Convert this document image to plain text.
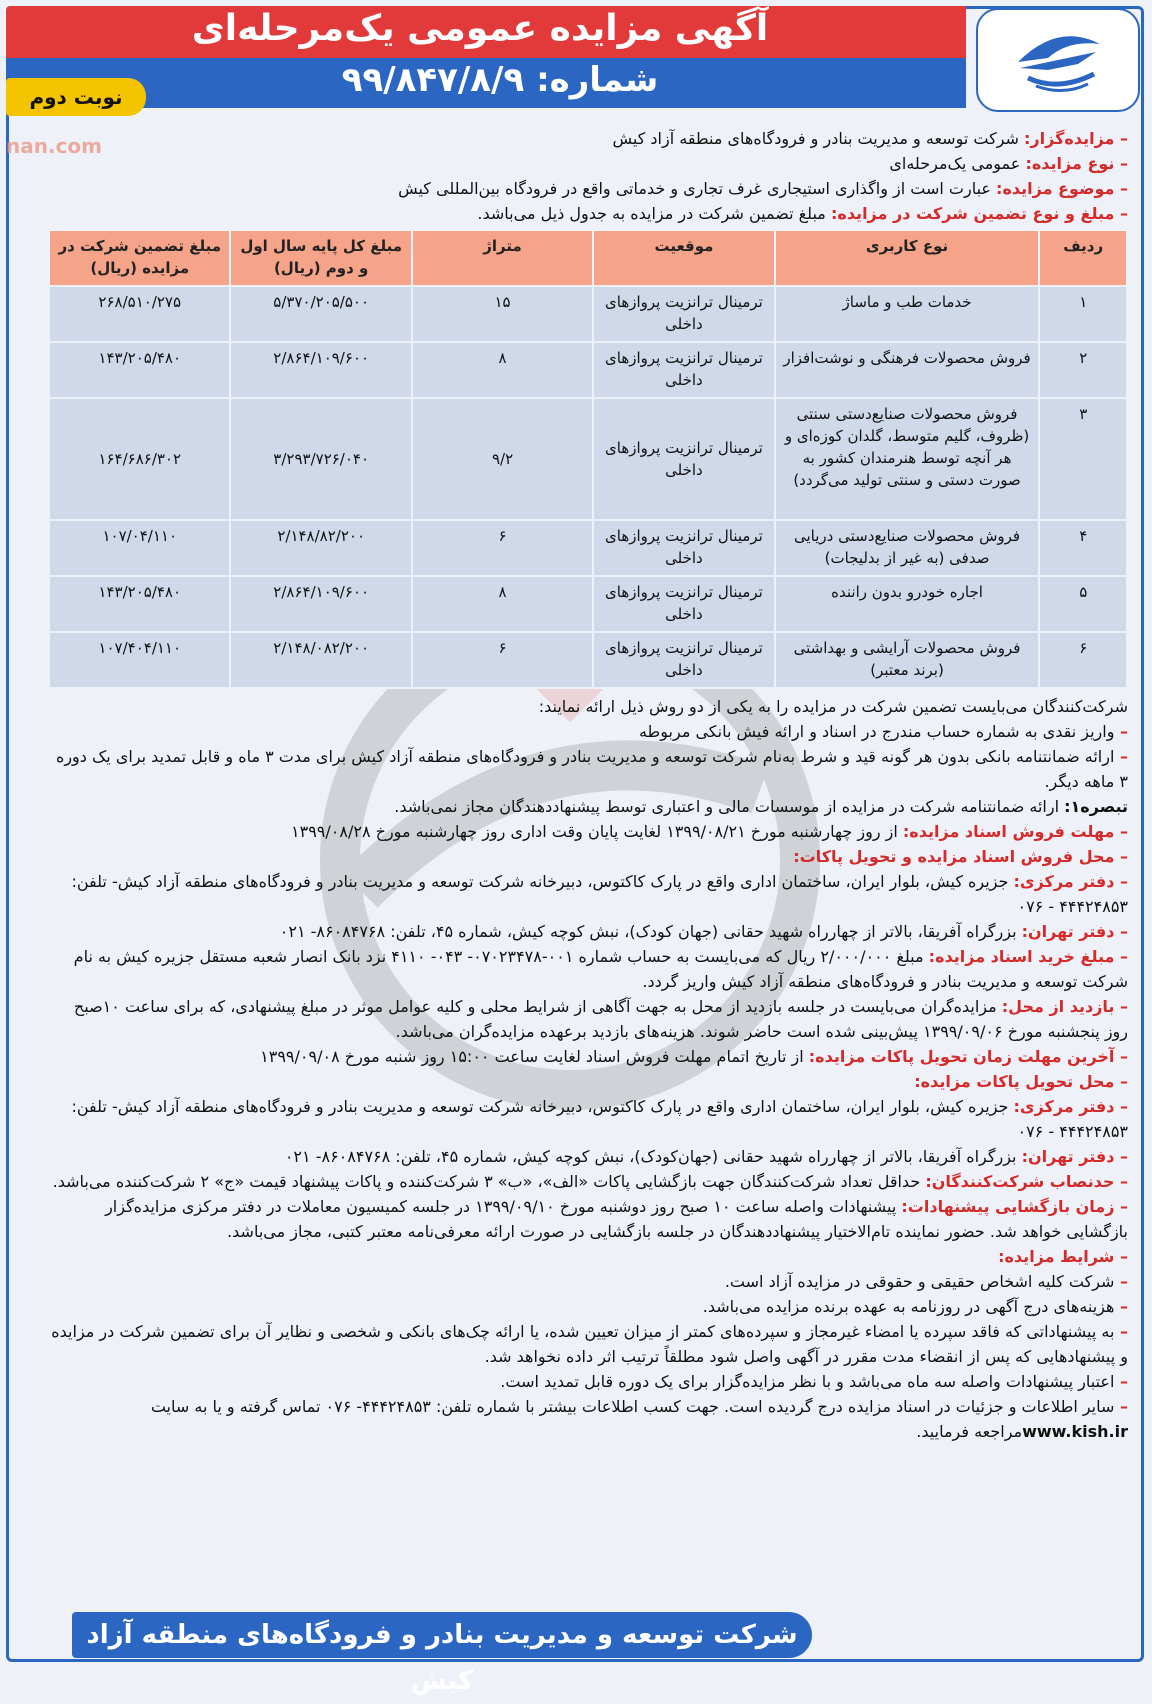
آگهی مزایده عمومی یک‌مرحله‌ای
شماره: ۹۹/۸۴۷/۸/۹
نوبت دوم
nan.com	– مزایده‌گزار: شرکت توسعه و مدیریت بنادر و فرودگاه‌های منطقه آزاد کیش

– نوع مزایده: عمومی یک‌مرحله‌ای

– موضوع مزایده: عبارت است از واگذاری استیجاری غرف تجاری و خدماتی واقع در فرودگاه بین‌المللی کیش

– مبلغ و نوع تضمین شرکت در مزایده: مبلغ تضمین شرکت در مزایده به جدول ذیل می‌باشد.

ردیف	نوع کاربری	موقعیت	متراژ	مبلغ کل پایه سال اول و دوم (ریال)	مبلغ تضمین شرکت در مزایده (ریال)
۱	خدمات طب و ماساژ	ترمینال ترانزیت پروازهای داخلی	۱۵	۵/۳۷۰/۲۰۵/۵۰۰	۲۶۸/۵۱۰/۲۷۵
۲	فروش محصولات فرهنگی و نوشت‌افزار	ترمینال ترانزیت پروازهای داخلی	۸	۲/۸۶۴/۱۰۹/۶۰۰	۱۴۳/۲۰۵/۴۸۰
۳	فروش محصولات صنایع‌دستی سنتی (ظروف، گلیم متوسط، گلدان کوزه‌ای و هر آنچه توسط هنرمندان کشور به صورت دستی و سنتی تولید می‌گردد)	ترمینال ترانزیت پروازهای داخلی	۹/۲	۳/۲۹۳/۷۲۶/۰۴۰	۱۶۴/۶۸۶/۳۰۲
۴	فروش محصولات صنایع‌دستی دریایی صدفی (به غیر از بدلیجات)	ترمینال ترانزیت پروازهای داخلی	۶	۲/۱۴۸/۸۲/۲۰۰	۱۰۷/۰۴/۱۱۰
۵	اجاره خودرو بدون راننده	ترمینال ترانزیت پروازهای داخلی	۸	۲/۸۶۴/۱۰۹/۶۰۰	۱۴۳/۲۰۵/۴۸۰
۶	فروش محصولات آرایشی و بهداشتی (برند معتبر)	ترمینال ترانزیت پروازهای داخلی	۶	۲/۱۴۸/۰۸۲/۲۰۰	۱۰۷/۴۰۴/۱۱۰

شرکت‌کنندگان می‌بایست تضمین شرکت در مزایده را به یکی از دو روش ذیل ارائه نمایند:

– واریز نقدی به شماره حساب مندرج در اسناد و ارائه فیش بانکی مربوطه

– ارائه ضمانتنامه بانکی بدون هر گونه قید و شرط به‌نام شرکت توسعه و مدیریت بنادر و فرودگاه‌های منطقه آزاد کیش برای مدت ۳ ماه و قابل تمدید برای یک دوره ۳ ماهه دیگر.

تبصره۱: ارائه ضمانتنامه شرکت در مزایده از موسسات مالی و اعتباری توسط پیشنهاددهندگان مجاز نمی‌باشد.

– مهلت فروش اسناد مزایده: از روز چهارشنبه مورخ ۱۳۹۹/۰۸/۲۱ لغایت پایان وقت اداری روز چهارشنبه مورخ ۱۳۹۹/۰۸/۲۸

– محل فروش اسناد مزایده و تحویل پاکات:

– دفتر مرکزی: جزیره کیش، بلوار ایران، ساختمان اداری واقع در پارک کاکتوس، دبیرخانه شرکت توسعه و مدیریت بنادر و فرودگاه‌های منطقه آزاد کیش- تلفن: ۴۴۴۲۴۸۵۳ - ۰۷۶

– دفتر تهران: بزرگراه آفریقا، بالاتر از چهارراه شهید حقانی (جهان کودک)، نبش کوچه کیش، شماره ۴۵، تلفن: ۸۶۰۸۴۷۶۸- ۰۲۱

– مبلغ خرید اسناد مزایده: مبلغ ۲/۰۰۰/۰۰۰ ریال که می‌بایست به حساب شماره ۰۰۱-۰۷۰۲۳۴۷۸- ۰۴۳- ۴۱۱۰ نزد بانک انصار شعبه مستقل جزیره کیش به نام شرکت توسعه و مدیریت بنادر و فرودگاه‌های منطقه آزاد کیش واریز گردد.

– بازدید از محل: مزایده‌گران می‌بایست در جلسه بازدید از محل به جهت آگاهی از شرایط محلی و کلیه عوامل موثر در مبلغ پیشنهادی، که برای ساعت ۱۰صبح روز پنجشنبه مورخ ۱۳۹۹/۰۹/۰۶ پیش‌بینی شده است حاضر شوند. هزینه‌های بازدید برعهده مزایده‌گران می‌باشد.

– آخرین مهلت زمان تحویل پاکات مزایده: از تاریخ اتمام مهلت فروش اسناد لغایت ساعت ۱۵:۰۰ روز شنبه مورخ ۱۳۹۹/۰۹/۰۸

– محل تحویل پاکات مزایده:

– دفتر مرکزی: جزیره کیش، بلوار ایران، ساختمان اداری واقع در پارک کاکتوس، دبیرخانه شرکت توسعه و مدیریت بنادر و فرودگاه‌های منطقه آزاد کیش- تلفن: ۴۴۴۲۴۸۵۳ - ۰۷۶

– دفتر تهران: بزرگراه آفریقا، بالاتر از چهارراه شهید حقانی (جهان‌کودک)، نبش کوچه کیش، شماره ۴۵، تلفن: ۸۶۰۸۴۷۶۸- ۰۲۱

– حدنصاب شرکت‌کنندگان: حداقل تعداد شرکت‌کنندگان جهت بازگشایی پاکات «الف»، «ب» ۳ شرکت‌کننده و پاکات پیشنهاد قیمت «ج» ۲ شرکت‌کننده می‌باشد.

– زمان بازگشایی پیشنهادات: پیشنهادات واصله ساعت ۱۰ صبح روز دوشنبه مورخ ۱۳۹۹/۰۹/۱۰ در جلسه کمیسیون معاملات در دفتر مرکزی مزایده‌گزار بازگشایی خواهد شد. حضور نماینده تام‌الاختیار پیشنهاددهندگان در جلسه بازگشایی در صورت ارائه معرفی‌نامه معتبر کتبی، مجاز می‌باشد.

– شرایط مزایده:

– شرکت کلیه اشخاص حقیقی و حقوقی در مزایده آزاد است.

– هزینه‌های درج آگهی در روزنامه به عهده برنده مزایده می‌باشد.

– به پیشنهاداتی که فاقد سپرده یا امضاء غیرمجاز و سپرده‌های کمتر از میزان تعیین شده، یا ارائه چک‌های بانکی و شخصی و نظایر آن برای تضمین شرکت در مزایده و پیشنهادهایی که پس از انقضاء مدت مقرر در آگهی واصل شود مطلقاً ترتیب اثر داده نخواهد شد.

– اعتبار پیشنهادات واصله سه ماه می‌باشد و با نظر مزایده‌گزار برای یک دوره قابل تمدید است.

– سایر اطلاعات و جزئیات در اسناد مزایده درج گردیده است. جهت کسب اطلاعات بیشتر با شماره تلفن: ۴۴۴۲۴۸۵۳- ۰۷۶ تماس گرفته و یا به سایت www.kish.irمراجعه فرمایید.

شرکت توسعه و مدیریت بنادر و فرودگاه‌های منطقه آزاد کیش
